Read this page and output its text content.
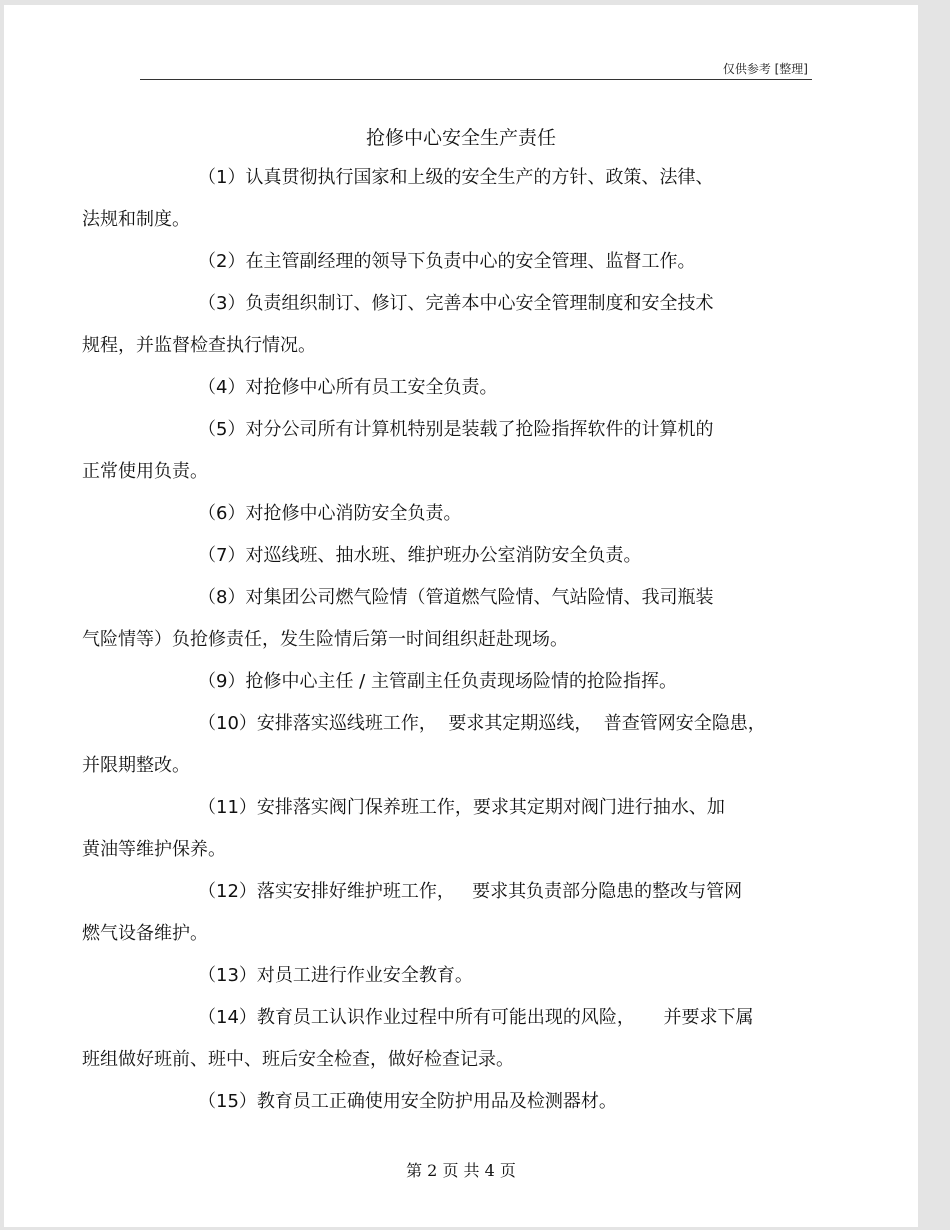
仅供参考 [整理]
抢修中心安全生产责任
（1）认真贯彻执行国家和上级的安全生产的方针、政策、法律、
法规和制度。
（2）在主管副经理的领导下负责中心的安全管理、监督工作。
（3）负责组织制订、修订、完善本中心安全管理制度和安全技术
规程，并监督检查执行情况。
（4）对抢修中心所有员工安全负责。
（5）对分公司所有计算机特别是装载了抢险指挥软件的计算机的
正常使用负责。
（6）对抢修中心消防安全负责。
（7）对巡线班、抽水班、维护班办公室消防安全负责。
（8）对集团公司燃气险情（管道燃气险情、气站险情、我司瓶装
气险情等）负抢修责任，发生险情后第一时间组织赶赴现场。
（9）抢修中心主任 / 主管副主任负责现场险情的抢险指挥。
（10）安排落实巡线班工作，  要求其定期巡线，  普查管网安全隐患，
并限期整改。
（11）安排落实阀门保养班工作，要求其定期对阀门进行抽水、加
黄油等维护保养。
（12）落实安排好维护班工作，   要求其负责部分隐患的整改与管网
燃气设备维护。
（13）对员工进行作业安全教育。
（14）教育员工认识作业过程中所有可能出现的风险，     并要求下属
班组做好班前、班中、班后安全检查，做好检查记录。
（15）教育员工正确使用安全防护用品及检测器材。
第 2 页 共 4 页
